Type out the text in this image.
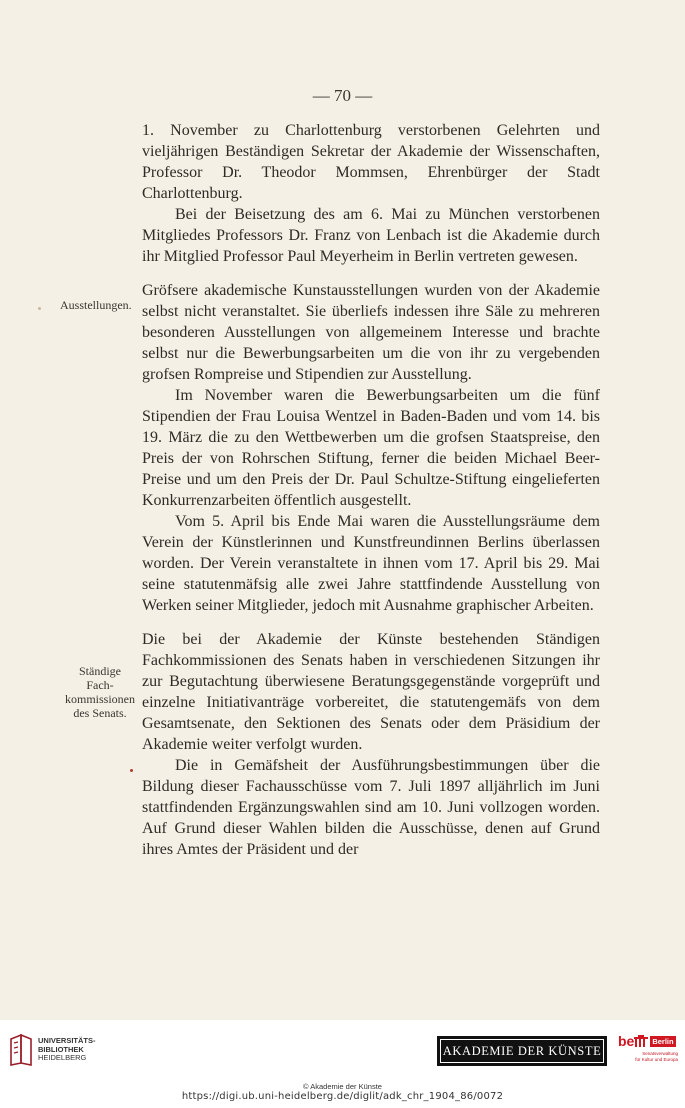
— 70 —

1. November zu Charlottenburg verstorbenen Gelehrten und vieljährigen Beständigen Sekretar der Akademie der Wissenschaften, Professor Dr. Theodor Mommsen, Ehrenbürger der Stadt Charlottenburg.

Bei der Beisetzung des am 6. Mai zu München verstorbenen Mitgliedes Professors Dr. Franz von Lenbach ist die Akademie durch ihr Mitglied Professor Paul Meyerheim in Berlin vertreten gewesen.

Gröfsere akademische Kunstausstellungen wurden von der Akademie selbst nicht veranstaltet. Sie überliefs indessen ihre Säle zu mehreren besonderen Ausstellungen von allgemeinem Interesse und brachte selbst nur die Bewerbungsarbeiten um die von ihr zu vergebenden grofsen Rompreise und Stipendien zur Ausstellung.

Im November waren die Bewerbungsarbeiten um die fünf Stipendien der Frau Louisa Wentzel in Baden-Baden und vom 14. bis 19. März die zu den Wettbewerben um die grofsen Staatspreise, den Preis der von Rohrschen Stiftung, ferner die beiden Michael Beer-Preise und um den Preis der Dr. Paul Schultze-Stiftung eingelieferten Konkurrenzarbeiten öffentlich ausgestellt.

Vom 5. April bis Ende Mai waren die Ausstellungsräume dem Verein der Künstlerinnen und Kunstfreundinnen Berlins überlassen worden. Der Verein veranstaltete in ihnen vom 17. April bis 29. Mai seine statutenmäfsig alle zwei Jahre stattfindende Ausstellung von Werken seiner Mitglieder, jedoch mit Ausnahme graphischer Arbeiten.

Die bei der Akademie der Künste bestehenden Ständigen Fachkommissionen des Senats haben in verschiedenen Sitzungen ihr zur Begutachtung überwiesene Beratungsgegenstände vorgeprüft und einzelne Initiativanträge vorbereitet, die statutengemäfs von dem Gesamtsenate, den Sektionen des Senats oder dem Präsidium der Akademie weiter verfolgt wurden.

Die in Gemäfsheit der Ausführungsbestimmungen über die Bildung dieser Fachausschüsse vom 7. Juli 1897 alljährlich im Juni stattfindenden Ergänzungswahlen sind am 10. Juni vollzogen worden. Auf Grund dieser Wahlen bilden die Ausschüsse, denen auf Grund ihres Amtes der Präsident und der

Ausstellungen.
Ständige
Fach-
kommissionen
des Senats.
UNIVERSITÄTS-
BIBLIOTHEK
HEIDELBERG	AKADEMIE DER KÜNSTE
be Berlin
Senatsverwaltung
für Kultur und Europa
© Akademie der Künste
https://digi.ub.uni-heidelberg.de/diglit/adk_chr_1904_86/0072
